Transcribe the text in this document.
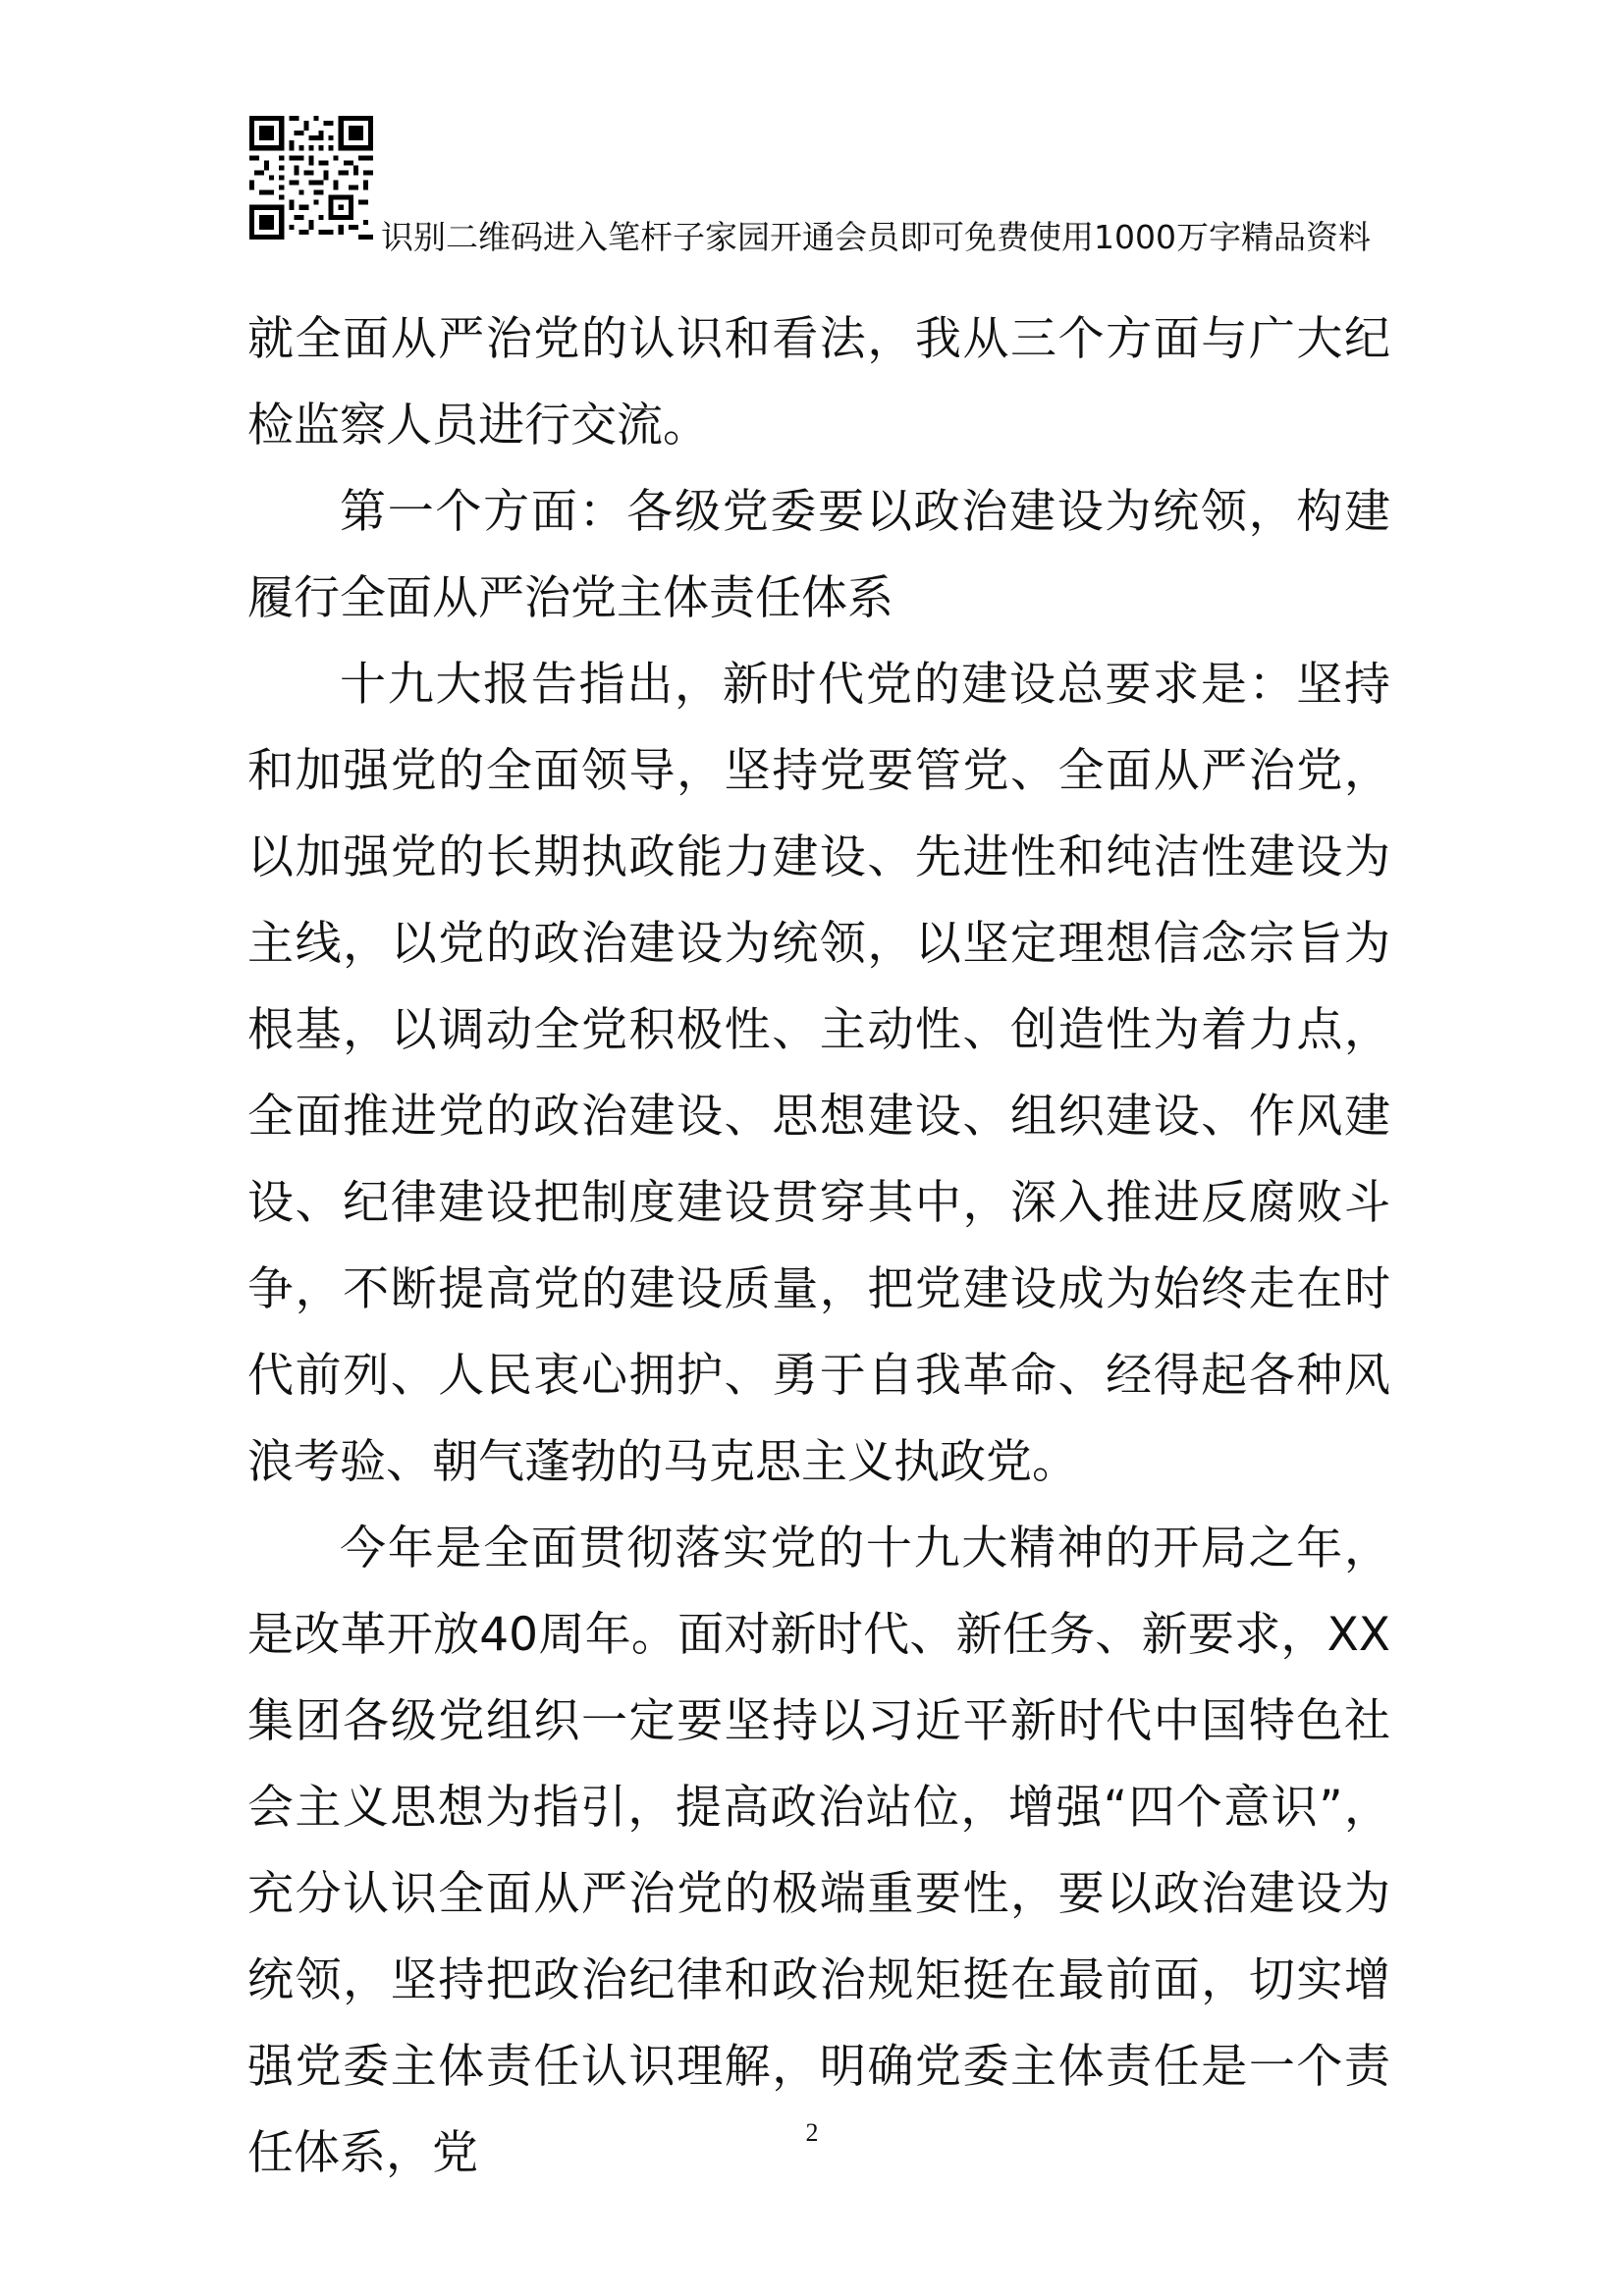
识别二维码进入笔杆子家园开通会员即可免费使用1000万字精品资料

就全面从严治党的认识和看法，我从三个方面与广大纪检监察人员进行交流。

第一个方面：各级党委要以政治建设为统领，构建履行全面从严治党主体责任体系

十九大报告指出，新时代党的建设总要求是：坚持和加强党的全面领导，坚持党要管党、全面从严治党，以加强党的长期执政能力建设、先进性和纯洁性建设为主线，以党的政治建设为统领，以坚定理想信念宗旨为根基，以调动全党积极性、主动性、创造性为着力点，全面推进党的政治建设、思想建设、组织建设、作风建设、纪律建设把制度建设贯穿其中，深入推进反腐败斗争，不断提高党的建设质量，把党建设成为始终走在时代前列、人民衷心拥护、勇于自我革命、经得起各种风浪考验、朝气蓬勃的马克思主义执政党。

今年是全面贯彻落实党的十九大精神的开局之年，是改革开放40周年。面对新时代、新任务、新要求，XX集团各级党组织一定要坚持以习近平新时代中国特色社会主义思想为指引，提高政治站位，增强“四个意识”，充分认识全面从严治党的极端重要性，要以政治建设为统领，坚持把政治纪律和政治规矩挺在最前面，切实增强党委主体责任认识理解，明确党委主体责任是一个责任体系，党	2
